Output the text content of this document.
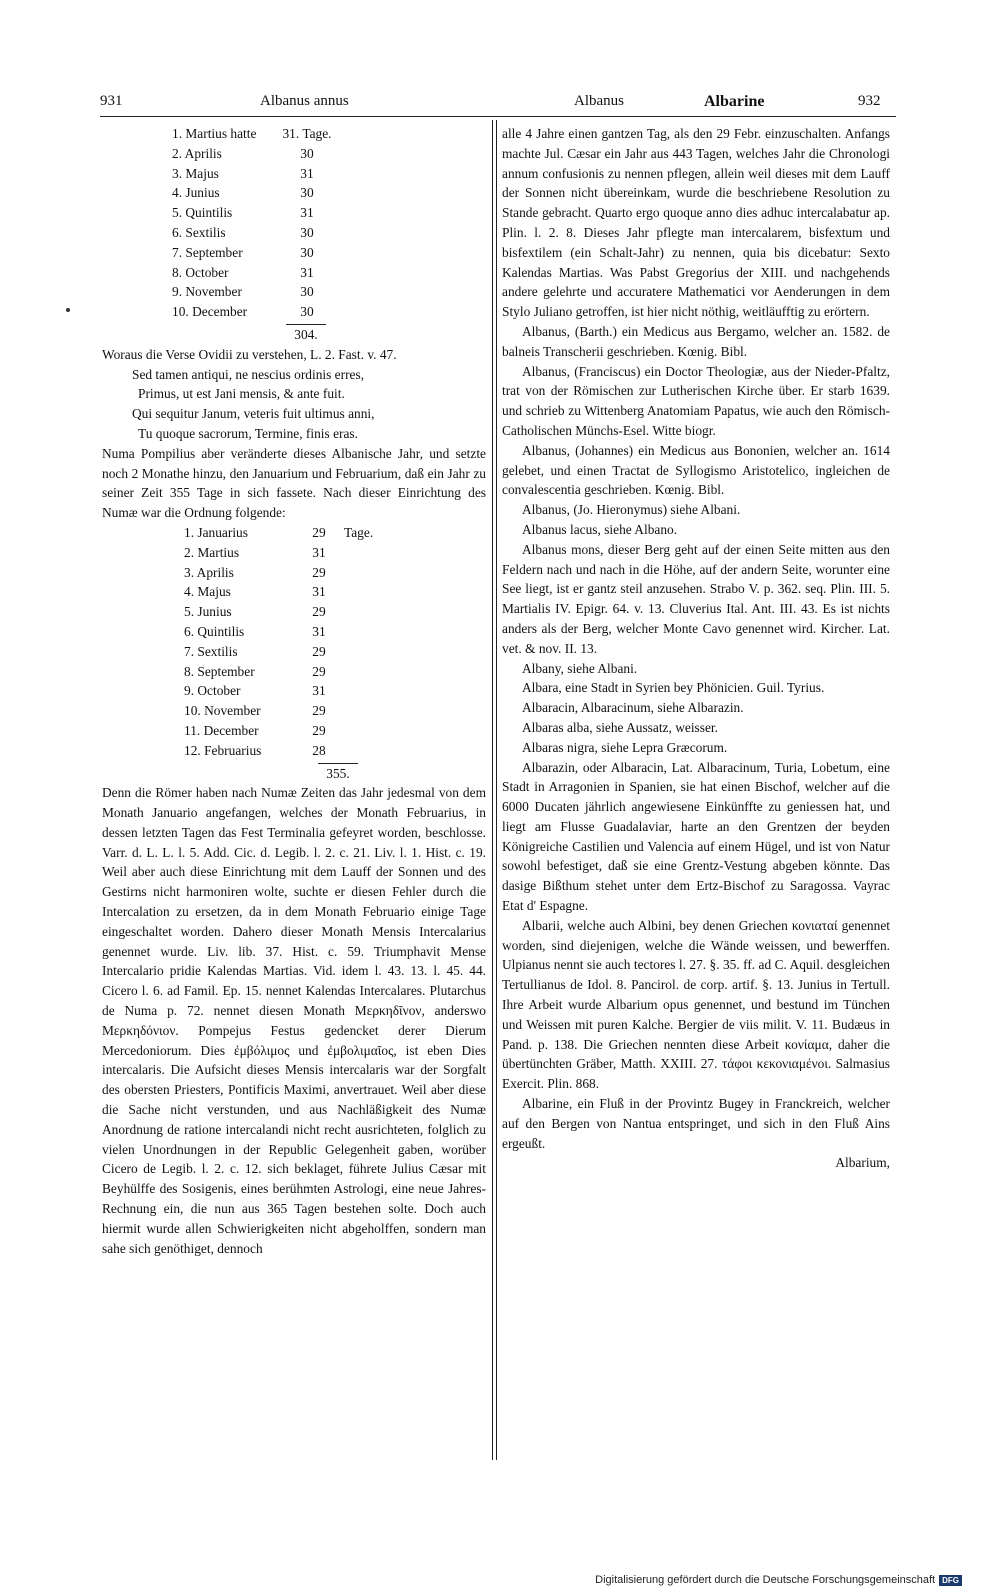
931	Albanus annus	Albanus	Albarine	932
1. Martius hatte	31. Tage.
2. Aprilis	30
3. Majus	31
4. Junius	30
5. Quintilis	31
6. Sextilis	30
7. September	30
8. October	31
9. November	30
10. December	30
304.

Woraus die Verse Ovidii zu verstehen, L. 2. Fast. v. 47.

Sed tamen antiqui, ne nescius ordinis erres,
Primus, ut est Jani mensis, & ante fuit.
Qui sequitur Janum, veteris fuit ultimus anni,
Tu quoque sacrorum, Termine, finis eras.

Numa Pompilius aber veränderte dieses Albanische Jahr, und setzte noch 2 Monathe hinzu, den Januarium und Februarium, daß ein Jahr zu seiner Zeit 355 Tage in sich fassete. Nach dieser Einrichtung des Numæ war die Ordnung folgende:

1. Januarius	29	Tage.
2. Martius	31	
3. Aprilis	29	
4. Majus	31	
5. Junius	29	
6. Quintilis	31	
7. Sextilis	29	
8. September	29	
9. October	31	
10. November	29	
11. December	29	
12. Februarius	28	
355.

Denn die Römer haben nach Numæ Zeiten das Jahr jedesmal von dem Monath Januario angefangen, welches der Monath Februarius, in dessen letzten Tagen das Fest Terminalia gefeyret worden, beschlosse. Varr. d. L. L. l. 5. Add. Cic. d. Legib. l. 2. c. 21. Liv. l. 1. Hist. c. 19. Weil aber auch diese Einrichtung mit dem Lauff der Sonnen und des Gestirns nicht harmoniren wolte, suchte er diesen Fehler durch die Intercalation zu ersetzen, da in dem Monath Februario einige Tage eingeschaltet worden. Dahero dieser Monath Mensis Intercalarius genennet wurde. Liv. lib. 37. Hist. c. 59. Triumphavit Mense Intercalario pridie Kalendas Martias. Vid. idem l. 43. 13. l. 45. 44. Cicero l. 6. ad Famil. Ep. 15. nennet Kalendas Intercalares. Plutarchus de Numa p. 72. nennet diesen Monath Μερκηδῖνον, anderswo Μερκηδόνιον. Pompejus Festus gedencket derer Dierum Mercedoniorum. Dies ἐμβόλιμος und ἐμβολιμαῖος, ist eben Dies intercalaris. Die Aufsicht dieses Mensis intercalaris war der Sorgfalt des obersten Priesters, Pontificis Maximi, anvertrauet. Weil aber diese die Sache nicht verstunden, und aus Nachläßigkeit des Numæ Anordnung de ratione intercalandi nicht recht ausrichteten, folglich zu vielen Unordnungen in der Republic Gelegenheit gaben, worüber Cicero de Legib. l. 2. c. 12. sich beklaget, führete Julius Cæsar mit Beyhülffe des Sosigenis, eines berühmten Astrologi, eine neue Jahres-Rechnung ein, die nun aus 365 Tagen bestehen solte. Doch auch hiermit wurde allen Schwierigkeiten nicht abgeholffen, sondern man sahe sich genöthiget, dennoch

alle 4 Jahre einen gantzen Tag, als den 29 Febr. einzuschalten. Anfangs machte Jul. Cæsar ein Jahr aus 443 Tagen, welches Jahr die Chronologi annum confusionis zu nennen pflegen, allein weil dieses mit dem Lauff der Sonnen nicht übereinkam, wurde die beschriebene Resolution zu Stande gebracht. Quarto ergo quoque anno dies adhuc intercalabatur ap. Plin. l. 2. 8. Dieses Jahr pflegte man intercalarem, bisfextum und bisfextilem (ein Schalt-Jahr) zu nennen, quia bis dicebatur: Sexto Kalendas Martias. Was Pabst Gregorius der XIII. und nachgehends andere gelehrte und accuratere Mathematici vor Aenderungen in dem Stylo Juliano getroffen, ist hier nicht nöthig, weitläufftig zu erörtern.

Albanus, (Barth.) ein Medicus aus Bergamo, welcher an. 1582. de balneis Transcherii geschrieben. Kœnig. Bibl.

Albanus, (Franciscus) ein Doctor Theologiæ, aus der Nieder-Pfaltz, trat von der Römischen zur Lutherischen Kirche über. Er starb 1639. und schrieb zu Wittenberg Anatomiam Papatus, wie auch den Römisch-Catholischen Münchs-Esel. Witte biogr.

Albanus, (Johannes) ein Medicus aus Bononien, welcher an. 1614 gelebet, und einen Tractat de Syllogismo Aristotelico, ingleichen de convalescentia geschrieben. Kœnig. Bibl.

Albanus, (Jo. Hieronymus) siehe Albani.

Albanus lacus, siehe Albano.

Albanus mons, dieser Berg geht auf der einen Seite mitten aus den Feldern nach und nach in die Höhe, auf der andern Seite, worunter eine See liegt, ist er gantz steil anzusehen. Strabo V. p. 362. seq. Plin. III. 5. Martialis IV. Epigr. 64. v. 13. Cluverius Ital. Ant. III. 43. Es ist nichts anders als der Berg, welcher Monte Cavo genennet wird. Kircher. Lat. vet. & nov. II. 13.

Albany, siehe Albani.

Albara, eine Stadt in Syrien bey Phönicien. Guil. Tyrius.

Albaracin, Albaracinum, siehe Albarazin.

Albaras alba, siehe Aussatz, weisser.

Albaras nigra, siehe Lepra Græcorum.

Albarazin, oder Albaracin, Lat. Albaracinum, Turia, Lobetum, eine Stadt in Arragonien in Spanien, sie hat einen Bischof, welcher auf die 6000 Ducaten jährlich angewiesene Einkünffte zu geniessen hat, und liegt am Flusse Guadalaviar, harte an den Grentzen der beyden Königreiche Castilien und Valencia auf einem Hügel, und ist von Natur sowohl befestiget, daß sie eine Grentz-Vestung abgeben könnte. Das dasige Bißthum stehet unter dem Ertz-Bischof zu Saragossa. Vayrac Etat d' Espagne.

Albarii, welche auch Albini, bey denen Griechen κονιαταί genennet worden, sind diejenigen, welche die Wände weissen, und bewerffen. Ulpianus nennt sie auch tectores l. 27. §. 35. ff. ad C. Aquil. desgleichen Tertullianus de Idol. 8. Pancirol. de corp. artif. §. 13. Junius in Tertull. Ihre Arbeit wurde Albarium opus genennet, und bestund im Tünchen und Weissen mit puren Kalche. Bergier de viis milit. V. 11. Budæus in Pand. p. 138. Die Griechen nennten diese Arbeit κονίαμα, daher die übertünchten Gräber, Matth. XXIII. 27. τάφοι κεκονιαμένοι. Salmasius Exercit. Plin. 868.

Albarine, ein Fluß in der Provintz Bugey in Franckreich, welcher auf den Bergen von Nantua entspringet, und sich in den Fluß Ains ergeußt.

Albarium,

Digitalisierung gefördert durch die Deutsche Forschungsgemeinschaft DFG
